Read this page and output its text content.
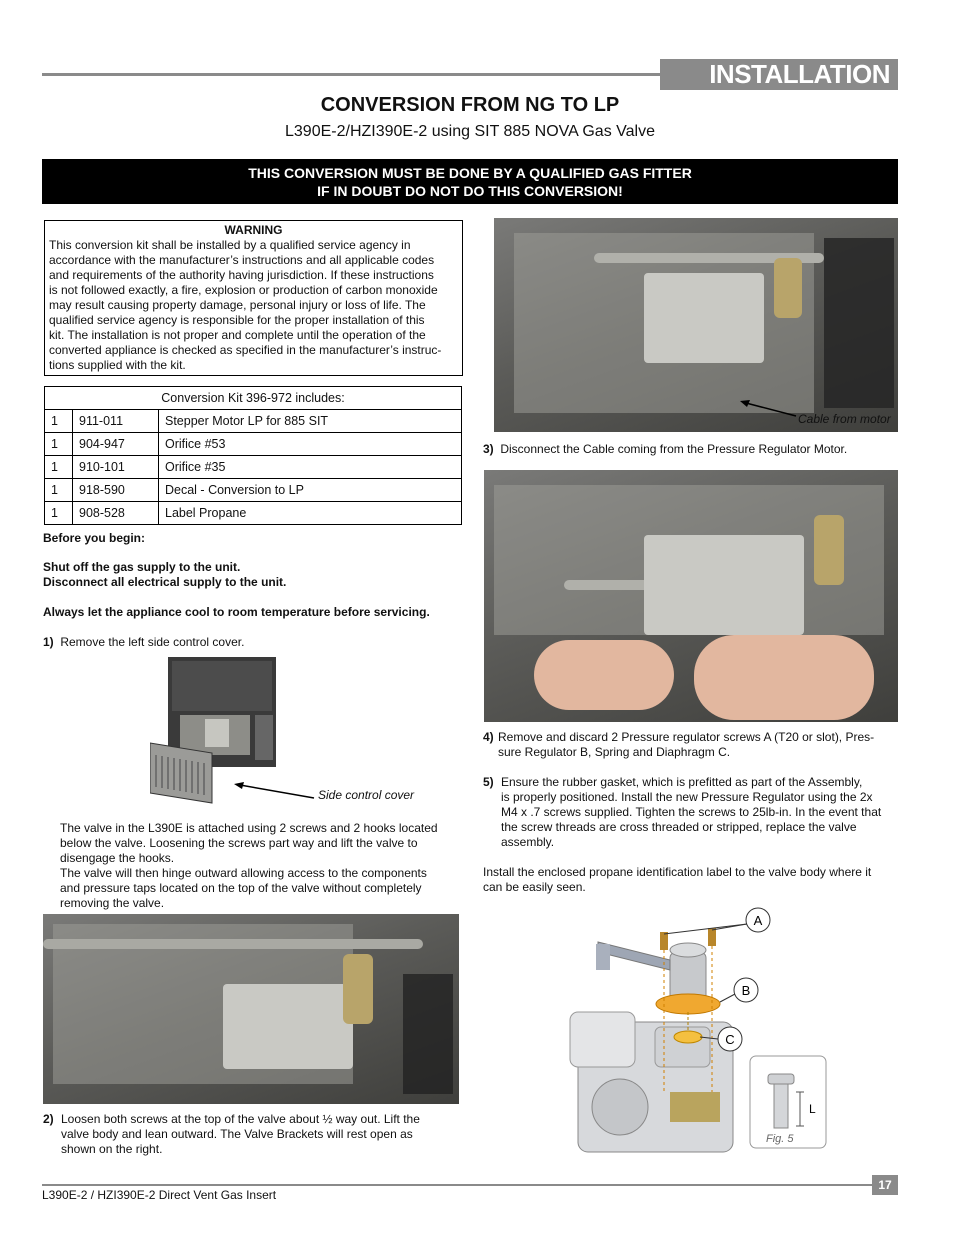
INSTALLATION
CONVERSION FROM NG TO LP
L390E-2/HZI390E-2 using SIT 885 NOVA Gas Valve
THIS CONVERSION MUST BE DONE BY A QUALIFIED GAS FITTER
IF IN DOUBT DO NOT DO THIS CONVERSION!
WARNING
This conversion kit shall be installed by a qualified service agency in
accordance with the manufacturer’s instructions and all applicable codes
and requirements of the authority having jurisdiction. If these instructions
is not followed exactly, a fire, explosion or production of carbon monoxide
may result causing property damage, personal injury or loss of life. The
qualified service agency is responsible for the proper installation of this
kit. The installation is not proper and complete until the operation of the
converted appliance is checked as specified in the manufacturer’s instruc-
tions supplied with the kit.
Conversion Kit 396-972 includes:		
1	911-011	Stepper Motor LP for 885 SIT
1	904-947	Orifice #53
1	910-101	Orifice #35
1	918-590	Decal - Conversion to LP
1	908-528	Label Propane
Before you begin:
Shut off the gas supply to the unit.
Disconnect all electrical supply to the unit.
Always let the appliance cool to room temperature before servicing.
1) Remove the left side control cover.
Side control cover
The valve in the L390E is attached using 2 screws and 2 hooks located
below the valve. Loosening the screws part way and lift the valve to
disengage the hooks.
The valve will then hinge outward allowing access to the components
and pressure taps located on the top of the valve without completely
removing the valve.
2) Loosen both screws at the top of the valve about ½ way out. Lift the
valve body and lean outward. The Valve Brackets will rest open as
shown on the right.
Cable from motor
3) Disconnect the Cable coming from the Pressure Regulator Motor.
4) Remove and discard 2 Pressure regulator screws A (T20 or slot), Pres-
sure Regulator B, Spring and Diaphragm C.
5) Ensure the rubber gasket, which is prefitted as part of the Assembly,
is properly positioned. Install the new Pressure Regulator using the 2x
M4 x .7 screws supplied. Tighten the screws to 25lb-in. In the event that
the screw threads are cross threaded or stripped, replace the valve
assembly.
Install the enclosed propane identification label to the valve body where it
can be easily seen.
A
B
C
L
Fig. 5
17
L390E-2 / HZI390E-2 Direct Vent Gas Insert
